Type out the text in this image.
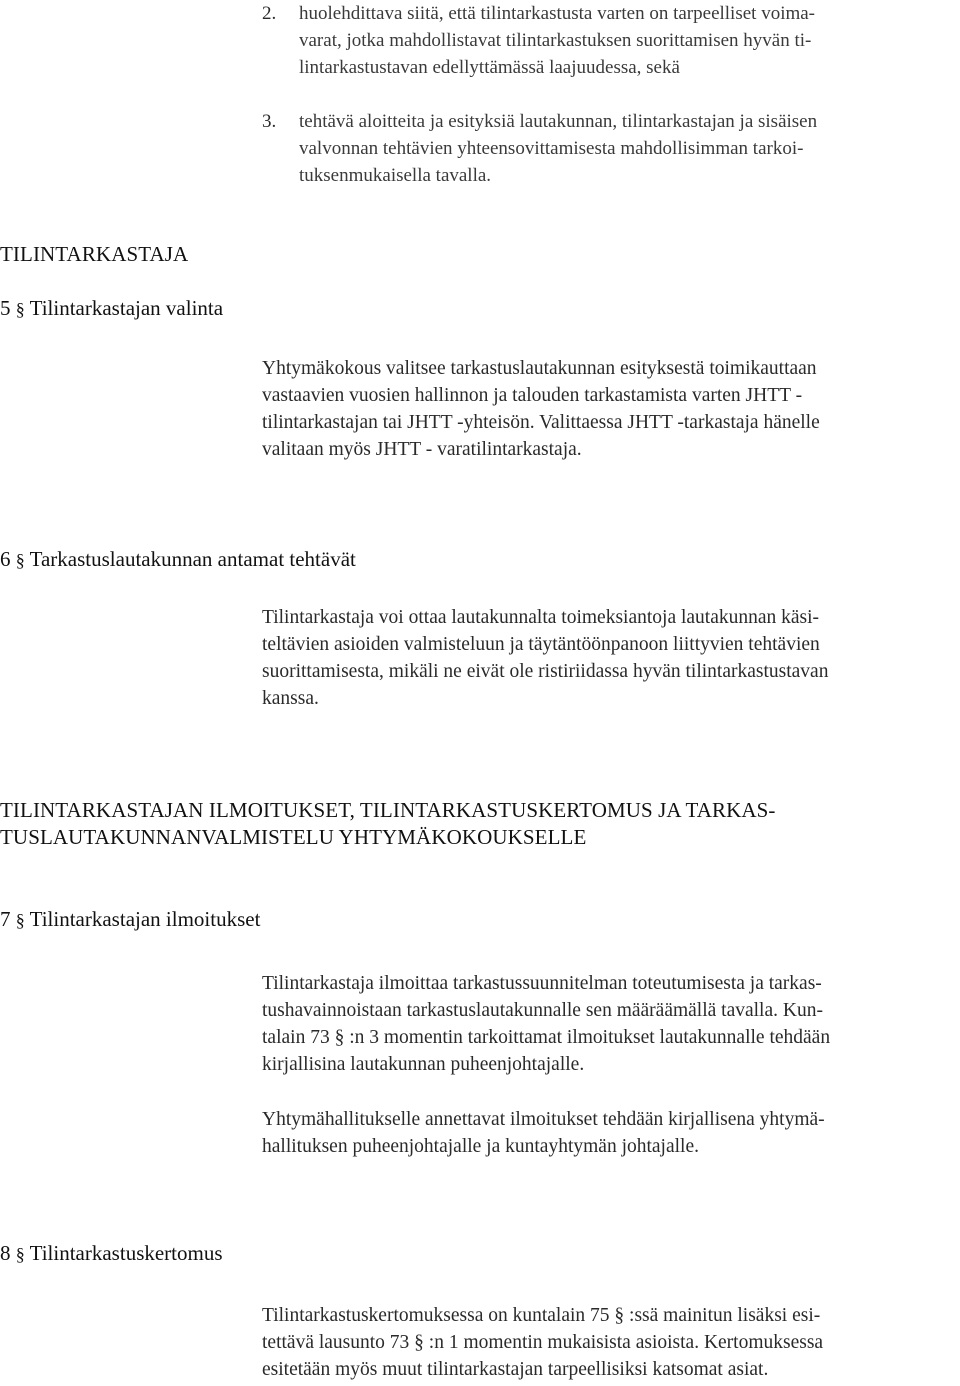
2. huolehdittava siitä, että tilintarkastusta varten on tarpeelliset voima-
varat, jotka mahdollistavat tilintarkastuksen suorittamisen hyvän ti-
lintarkastustavan edellyttämässä laajuudessa, sekä
3. tehtävä aloitteita ja esityksiä lautakunnan, tilintarkastajan ja sisäisen
valvonnan tehtävien yhteensovittamisesta mahdollisimman tarkoi-
tuksenmukaisella tavalla.
TILINTARKASTAJA
5 § Tilintarkastajan valinta
Yhtymäkokous valitsee tarkastuslautakunnan esityksestä toimikauttaan
vastaavien vuosien hallinnon ja talouden tarkastamista varten JHTT -
tilintarkastajan tai JHTT -yhteisön. Valittaessa JHTT -tarkastaja hänelle
valitaan myös JHTT - varatilintarkastaja.
6 § Tarkastuslautakunnan antamat tehtävät
Tilintarkastaja voi ottaa lautakunnalta toimeksiantoja lautakunnan käsi-
teltävien asioiden valmisteluun ja täytäntöönpanoon liittyvien tehtävien
suorittamisesta, mikäli ne eivät ole ristiriidassa hyvän tilintarkastustavan
kanssa.
TILINTARKASTAJAN ILMOITUKSET, TILINTARKASTUSKERTOMUS JA TARKAS-
TUSLAUTAKUNNANVALMISTELU YHTYMÄKOKOUKSELLE
7 § Tilintarkastajan ilmoitukset
Tilintarkastaja ilmoittaa tarkastussuunnitelman toteutumisesta ja tarkas-
tushavainnoistaan tarkastuslautakunnalle sen määräämällä tavalla. Kun-
talain 73 § :n 3 momentin tarkoittamat ilmoitukset lautakunnalle tehdään
kirjallisina lautakunnan puheenjohtajalle.
Yhtymähallitukselle annettavat ilmoitukset tehdään kirjallisena yhtymä-
hallituksen puheenjohtajalle ja kuntayhtymän johtajalle.
8 § Tilintarkastuskertomus
Tilintarkastuskertomuksessa on kuntalain 75 § :ssä mainitun lisäksi esi-
tettävä lausunto 73 § :n 1 momentin mukaisista asioista. Kertomuksessa
esitetään myös muut tilintarkastajan tarpeellisiksi katsomat asiat.
